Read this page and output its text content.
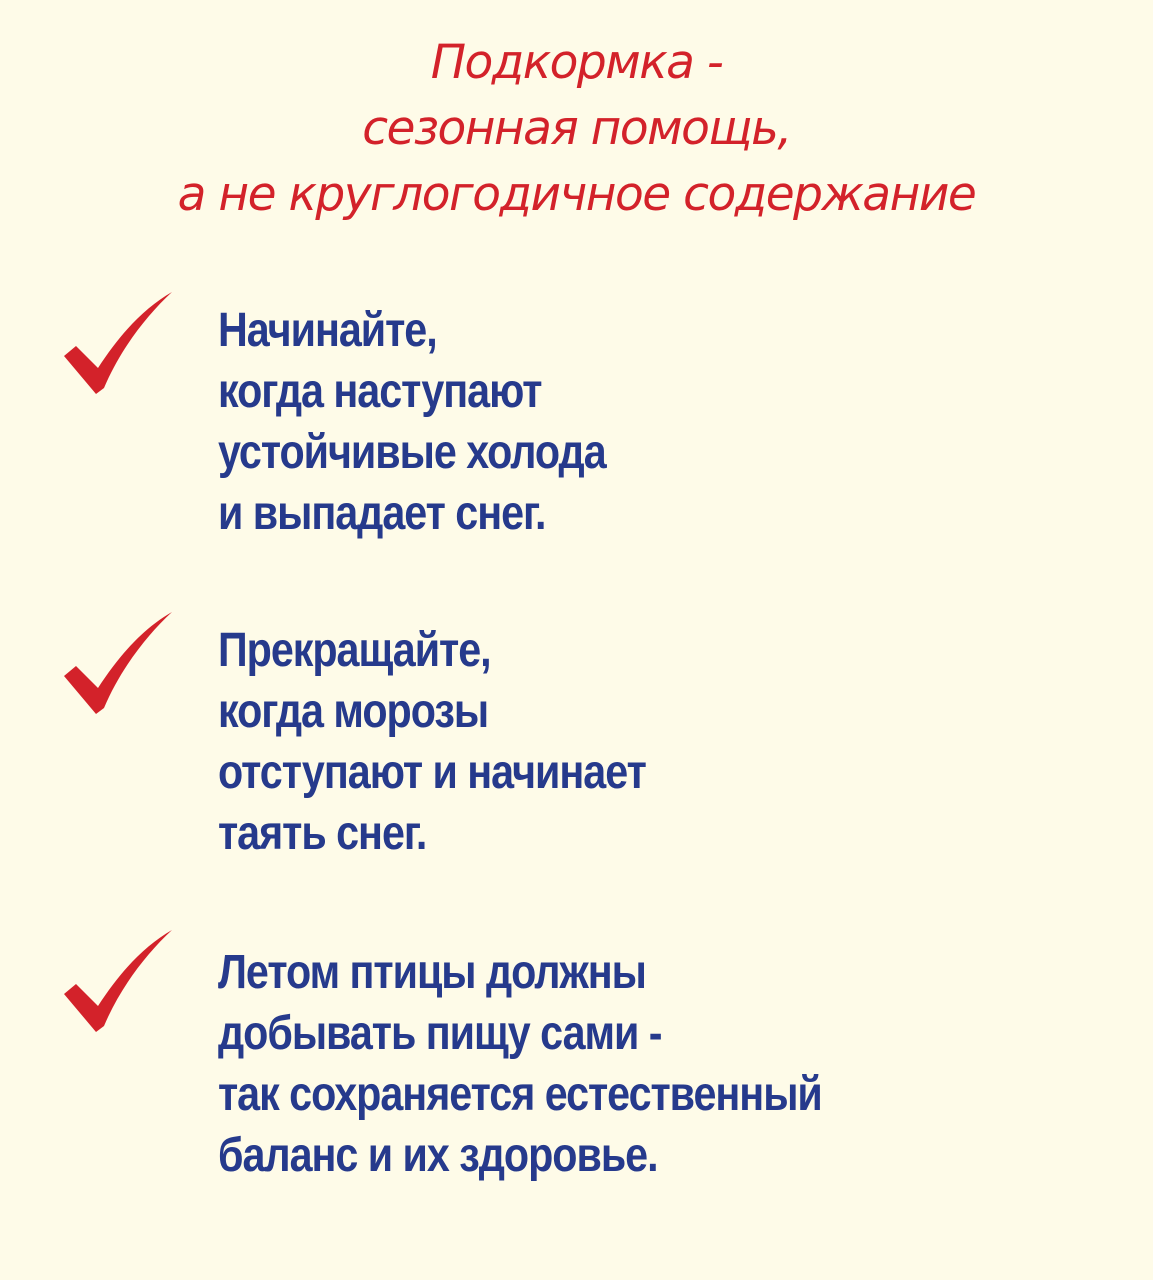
Подкормка -
сезонная помощь,
а не круглогодичное содержание
Начинайте,
когда наступают
устойчивые холода
и выпадает снег.
Прекращайте,
когда морозы
отступают и начинает
таять снег.
Летом птицы должны
добывать пищу сами -
так сохраняется естественный
баланс и их здоровье.
